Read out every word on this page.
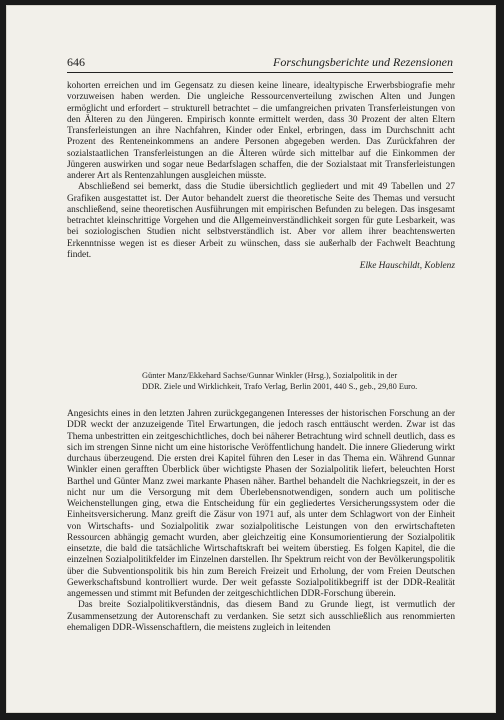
646	Forschungsberichte und Rezensionen

kohorten erreichen und im Gegensatz zu diesen keine lineare, idealtypische Erwerbsbiografie mehr vorzuweisen haben werden. Die ungleiche Ressourcenverteilung zwischen Alten und Jungen ermöglicht und erfordert – strukturell betrachtet – die umfangreichen privaten Transferleistungen von den Älteren zu den Jüngeren. Empirisch konnte ermittelt werden, dass 30 Prozent der alten Eltern Transferleistungen an ihre Nachfahren, Kinder oder Enkel, erbringen, dass im Durchschnitt acht Prozent des Renteneinkommens an andere Personen abgegeben werden. Das Zurückfahren der sozialstaatlichen Transferleistungen an die Älteren würde sich mittelbar auf die Einkommen der Jüngeren auswirken und sogar neue Bedarfslagen schaffen, die der Sozialstaat mit Transferleistungen anderer Art als Rentenzahlungen ausgleichen müsste.

Abschließend sei bemerkt, dass die Studie übersichtlich gegliedert und mit 49 Tabellen und 27 Grafiken ausgestattet ist. Der Autor behandelt zuerst die theoretische Seite des Themas und versucht anschließend, seine theoretischen Ausführungen mit empirischen Befunden zu belegen. Das insgesamt betrachtet kleinschrittige Vorgehen und die Allgemeinverständlichkeit sorgen für gute Lesbarkeit, was bei soziologischen Studien nicht selbstverständlich ist. Aber vor allem ihrer beachtenswerten Erkenntnisse wegen ist es dieser Arbeit zu wünschen, dass sie außerhalb der Fachwelt Beachtung findet.

Elke Hauschildt, Koblenz

Günter Manz/Ekkehard Sachse/Gunnar Winkler (Hrsg.), Sozialpolitik in der
DDR. Ziele und Wirklichkeit, Trafo Verlag, Berlin 2001, 440 S., geb., 29,80 Euro.

Angesichts eines in den letzten Jahren zurückgegangenen Interesses der historischen Forschung an der DDR weckt der anzuzeigende Titel Erwartungen, die jedoch rasch enttäuscht werden. Zwar ist das Thema unbestritten ein zeitgeschichtliches, doch bei näherer Betrachtung wird schnell deutlich, dass es sich im strengen Sinne nicht um eine historische Veröffentlichung handelt. Die innere Gliederung wirkt durchaus überzeugend. Die ersten drei Kapitel führen den Leser in das Thema ein. Während Gunnar Winkler einen gerafften Überblick über wichtigste Phasen der Sozialpolitik liefert, beleuchten Horst Barthel und Günter Manz zwei markante Phasen näher. Barthel behandelt die Nachkriegszeit, in der es nicht nur um die Versorgung mit dem Überlebensnotwendigen, sondern auch um politische Weichenstellungen ging, etwa die Entscheidung für ein gegliedertes Versicherungssystem oder die Einheitsversicherung. Manz greift die Zäsur von 1971 auf, als unter dem Schlagwort von der Einheit von Wirtschafts- und Sozialpolitik zwar sozialpolitische Leistungen von den erwirtschafteten Ressourcen abhängig gemacht wurden, aber gleichzeitig eine Konsumorientierung der Sozialpolitik einsetzte, die bald die tatsächliche Wirtschaftskraft bei weitem überstieg. Es folgen Kapitel, die die einzelnen Sozialpolitikfelder im Einzelnen darstellen. Ihr Spektrum reicht von der Bevölkerungspolitik über die Subventionspolitik bis hin zum Bereich Freizeit und Erholung, der vom Freien Deutschen Gewerkschaftsbund kontrolliert wurde. Der weit gefasste Sozialpolitikbegriff ist der DDR-Realität angemessen und stimmt mit Befunden der zeitgeschichtlichen DDR-Forschung überein.

Das breite Sozialpolitikverständnis, das diesem Band zu Grunde liegt, ist vermutlich der Zusammensetzung der Autorenschaft zu verdanken. Sie setzt sich ausschließlich aus renommierten ehemaligen DDR-Wissenschaftlern, die meistens zugleich in leitenden
